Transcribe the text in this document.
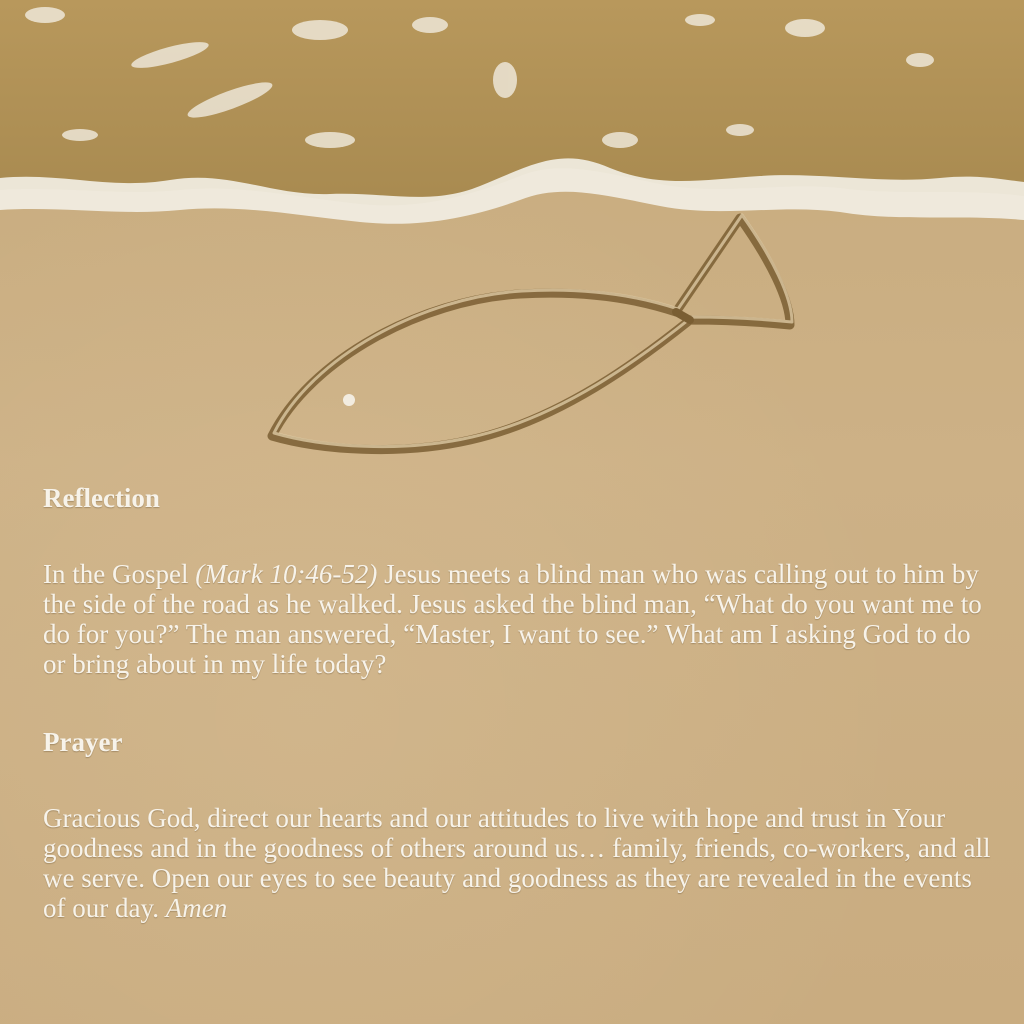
Reflection

In the Gospel (Mark 10:46-52) Jesus meets a blind man who was calling out to him by the side of the road as he walked. Jesus asked the blind man, “What do you want me to do for you?” The man answered, “Master, I want to see.” What am I asking God to do or bring about in my life today?

Prayer

Gracious God, direct our hearts and our attitudes to live with hope and trust in Your goodness and in the goodness of others around us… family, friends, co-workers, and all we serve. Open our eyes to see beauty and goodness as they are revealed in the events of our day. Amen
